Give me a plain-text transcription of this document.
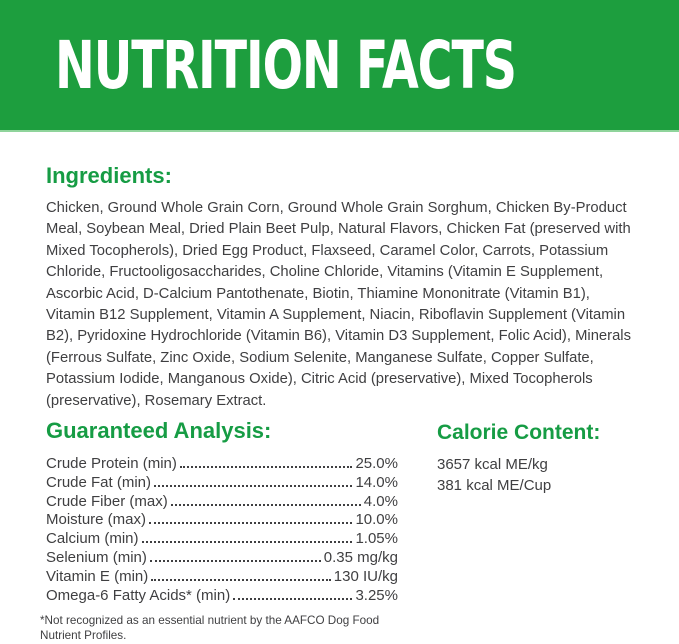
NUTRITION FACTS
Ingredients:

Chicken, Ground Whole Grain Corn, Ground Whole Grain Sorghum, Chicken By-Product Meal, Soybean Meal, Dried Plain Beet Pulp, Natural Flavors, Chicken Fat (preserved with Mixed Tocopherols), Dried Egg Product, Flaxseed, Caramel Color, Carrots, Potassium Chloride, Fructooligosaccharides, Choline Chloride, Vitamins (Vitamin E Supplement, Ascorbic Acid, D-Calcium Pantothenate, Biotin, Thiamine Mononitrate (Vitamin B1), Vitamin B12 Supplement, Vitamin A Supplement, Niacin, Riboflavin Supplement (Vitamin B2), Pyridoxine Hydrochloride (Vitamin B6), Vitamin D3 Supplement, Folic Acid), Minerals (Ferrous Sulfate, Zinc Oxide, Sodium Selenite, Manganese Sulfate, Copper Sulfate, Potassium Iodide, Manganous Oxide), Citric Acid (preservative), Mixed Tocopherols (preservative), Rosemary Extract.

Guaranteed Analysis:
Crude Protein (min)	25.0%
Crude Fat (min)	14.0%
Crude Fiber (max)	4.0%
Moisture (max)	10.0%
Calcium (min)	1.05%
Selenium (min)	0.35 mg/kg
Vitamin E (min)	130 IU/kg
Omega-6 Fatty Acids* (min)	3.25%

*Not recognized as an essential nutrient by the AAFCO Dog Food Nutrient Profiles.

Calorie Content:

3657 kcal ME/kg

381 kcal ME/Cup
